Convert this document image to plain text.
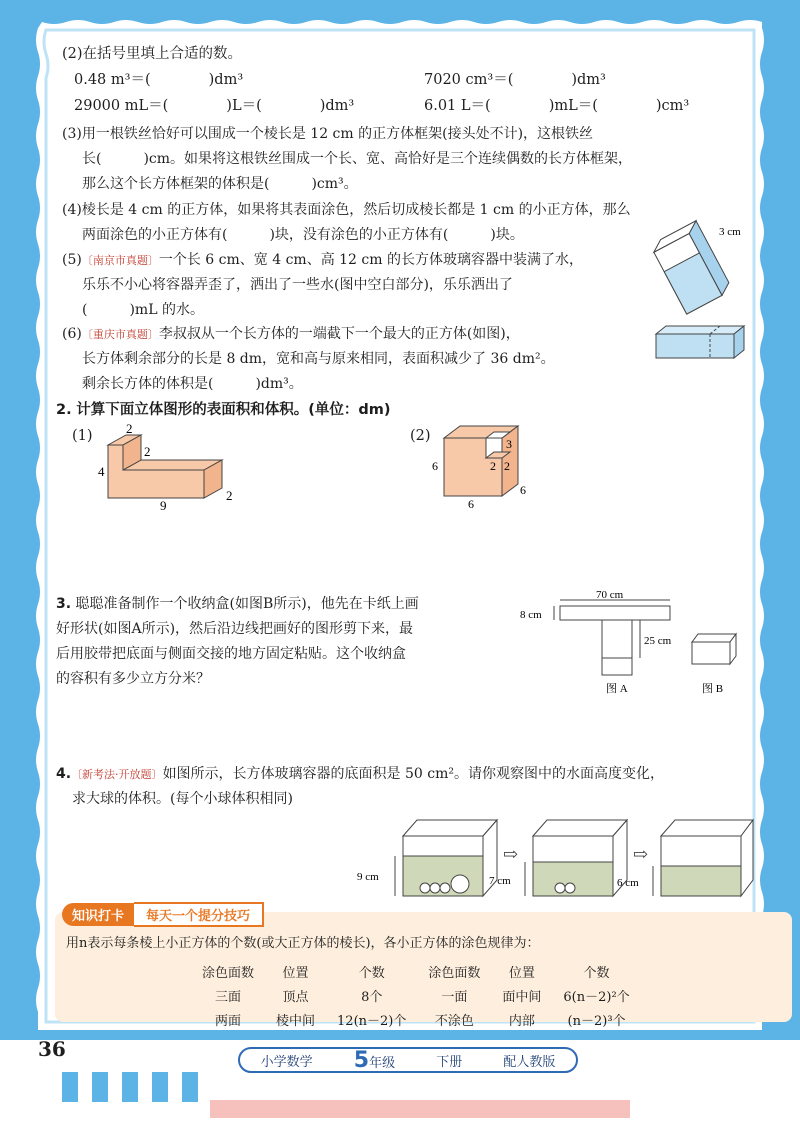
(2)在括号里填上合适的数。
0.48 m³＝(	)dm³	7020 cm³＝(	)dm³
29000 mL＝(	)L＝(	)dm³	6.01 L＝(	)mL＝(	)cm³
(3)用一根铁丝恰好可以围成一个棱长是 12 cm 的正方体框架(接头处不计)，这根铁丝
长(　　　)cm。如果将这根铁丝围成一个长、宽、高恰好是三个连续偶数的长方体框架，
那么这个长方体框架的体积是(　　　)cm³。
(4)棱长是 4 cm 的正方体，如果将其表面涂色，然后切成棱长都是 1 cm 的小正方体，那么
两面涂色的小正方体有(　　　)块，没有涂色的小正方体有(　　　)块。
(5)〔南京市真题〕一个长 6 cm、宽 4 cm、高 12 cm 的长方体玻璃容器中装满了水，
乐乐不小心将容器弄歪了，洒出了一些水(图中空白部分)，乐乐洒出了
(　　　)mL 的水。
3 cm
(6)〔重庆市真题〕李叔叔从一个长方体的一端截下一个最大的正方体(如图)，
长方体剩余部分的长是 8 dm，宽和高与原来相同，表面积减少了 36 dm²。
剩余长方体的体积是(　　　)dm³。
2. 计算下面立体图形的表面积和体积。(单位：dm)
(1)	2
2
4
9
2
(2)	3
2 2
6
6
6
3. 聪聪准备制作一个收纳盒(如图B所示)，他先在卡纸上画
好形状(如图A所示)，然后沿边线把画好的图形剪下来，最
后用胶带把底面与侧面交接的地方固定粘贴。这个收纳盒
的容积有多少立方分米？
70 cm
8 cm
25 cm
图 A	图 B
4.〔新考法·开放题〕如图所示，长方体玻璃容器的底面积是 50 cm²。请你观察图中的水面高度变化，
求大球的体积。(每个小球体积相同)
9 cm
⇨
7 cm
⇨
6 cm
知识打卡	每天一个提分技巧
用n表示每条棱上小正方体的个数(或大正方体的棱长)，各小正方体的涂色规律为：
涂色面数	位置	个数	涂色面数	位置	个数
三面	顶点	8个	一面	面中间	6(n－2)²个
两面	棱中间	12(n－2)个	不涂色	内部	(n－2)³个
36
小学数学 5年级	下册	配人教版
